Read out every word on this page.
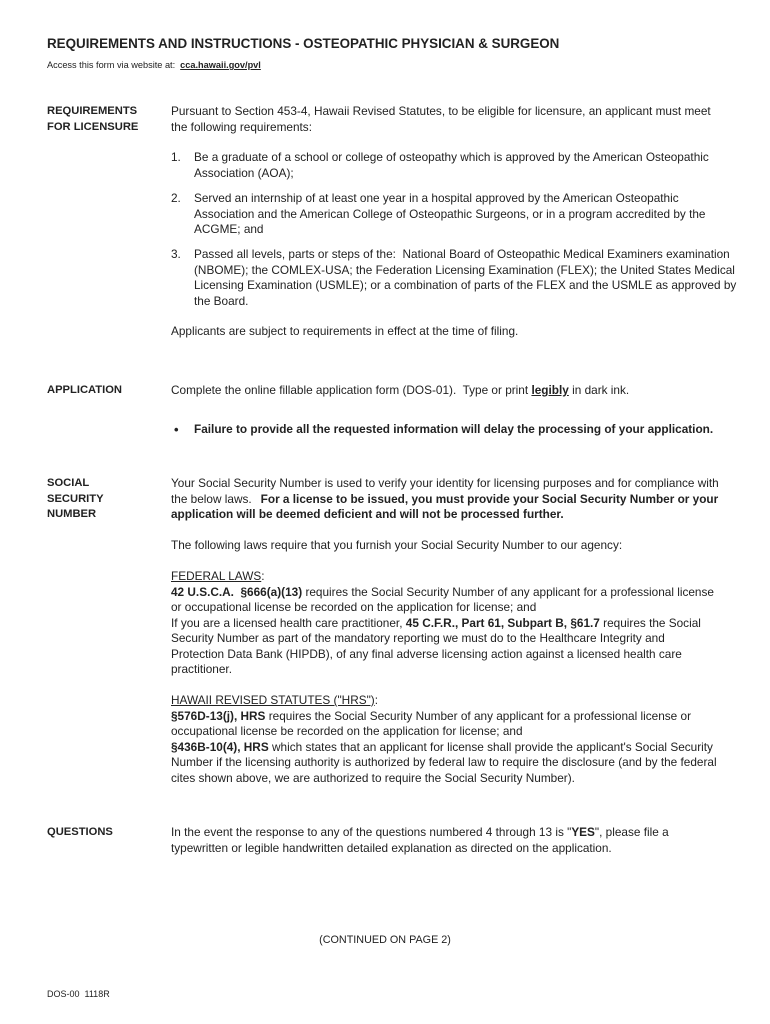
REQUIREMENTS AND INSTRUCTIONS - OSTEOPATHIC PHYSICIAN & SURGEON
Access this form via website at: cca.hawaii.gov/pvl
REQUIREMENTS
FOR LICENSURE
Pursuant to Section 453-4, Hawaii Revised Statutes, to be eligible for licensure, an applicant must meet
the following requirements:
1. Be a graduate of a school or college of osteopathy which is approved by the American Osteopathic
Association (AOA);
2. Served an internship of at least one year in a hospital approved by the American Osteopathic
Association and the American College of Osteopathic Surgeons, or in a program accredited by the
ACGME; and
3. Passed all levels, parts or steps of the:  National Board of Osteopathic Medical Examiners examination
(NBOME); the COMLEX-USA; the Federation Licensing Examination (FLEX); the United States Medical
Licensing Examination (USMLE); or a combination of parts of the FLEX and the USMLE as approved by
the Board.
Applicants are subject to requirements in effect at the time of filing.
APPLICATION	Complete the online fillable application form (DOS-01).  Type or print legibly in dark ink.
• Failure to provide all the requested information will delay the processing of your application.
SOCIAL
SECURITY
NUMBER
Your Social Security Number is used to verify your identity for licensing purposes and for compliance with
the below laws. For a license to be issued, you must provide your Social Security Number or your
application will be deemed deficient and will not be processed further.
The following laws require that you furnish your Social Security Number to our agency:
FEDERAL LAWS:
42 U.S.C.A.  §666(a)(13) requires the Social Security Number of any applicant for a professional license
or occupational license be recorded on the application for license; and
If you are a licensed health care practitioner, 45 C.F.R., Part 61, Subpart B, §61.7 requires the Social
Security Number as part of the mandatory reporting we must do to the Healthcare Integrity and
Protection Data Bank (HIPDB), of any final adverse licensing action against a licensed health care
practitioner.
HAWAII REVISED STATUTES ("HRS"):
§576D-13(j), HRS requires the Social Security Number of any applicant for a professional license or
occupational license be recorded on the application for license; and
§436B-10(4), HRS which states that an applicant for license shall provide the applicant's Social Security
Number if the licensing authority is authorized by federal law to require the disclosure (and by the federal
cites shown above, we are authorized to require the Social Security Number).
QUESTIONS	In the event the response to any of the questions numbered 4 through 13 is "YES", please file a
typewritten or legible handwritten detailed explanation as directed on the application.
(CONTINUED ON PAGE 2)
DOS-00  1118R
